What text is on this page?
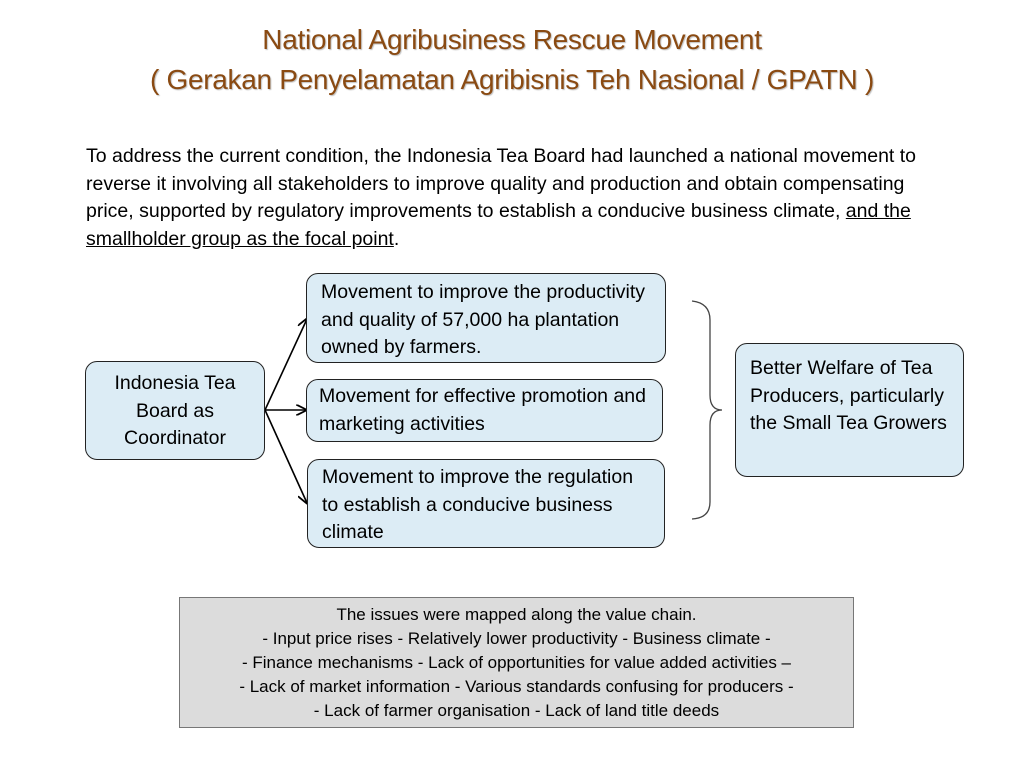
National Agribusiness Rescue Movement
( Gerakan Penyelamatan Agribisnis Teh Nasional / GPATN )
To address the current condition, the Indonesia Tea Board had launched a national movement to reverse it involving all stakeholders to improve quality and production and obtain compensating price, supported by regulatory improvements to establish a conducive business climate, and the smallholder group as the focal point.
Indonesia Tea Board as Coordinator
Movement to improve the productivity and quality of 57,000 ha plantation owned by farmers.
Movement for effective promotion and marketing activities
Movement to improve the regulation to establish a conducive business climate
Better Welfare of Tea Producers, particularly the Small Tea Growers
The issues were mapped along the value chain.
- Input price rises - Relatively lower productivity - Business climate -
- Finance mechanisms - Lack of opportunities for value added activities –
- Lack of market information - Various standards confusing for producers -
- Lack of farmer organisation - Lack of land title deeds
